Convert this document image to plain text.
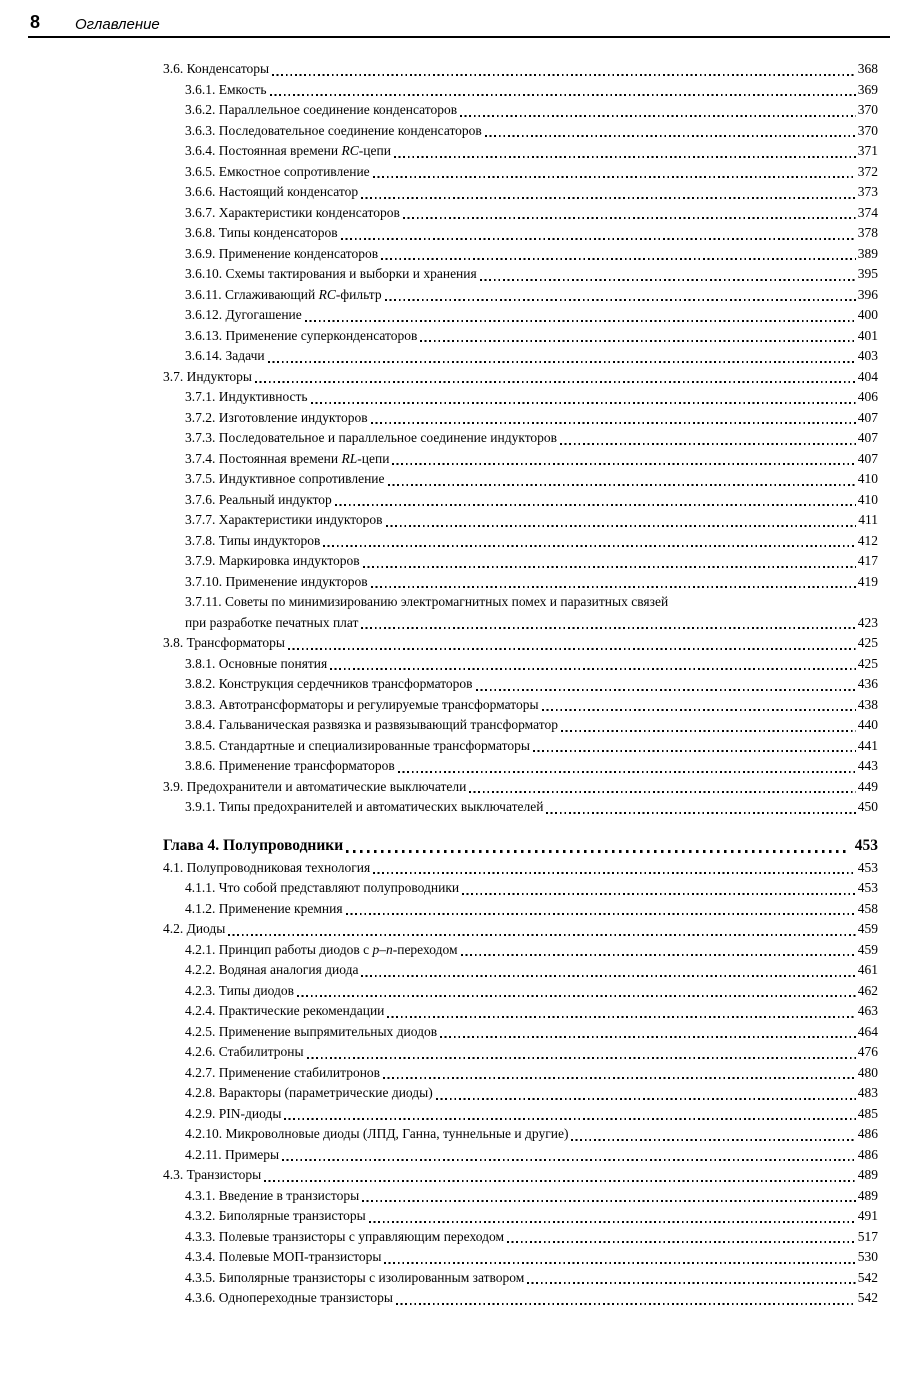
8 Оглавление
3.6. Конденсаторы	368
3.6.1. Емкость	369
3.6.2. Параллельное соединение конденсаторов	370
3.6.3. Последовательное соединение конденсаторов	370
3.6.4. Постоянная времени RC-цепи	371
3.6.5. Емкостное сопротивление	372
3.6.6. Настоящий конденсатор	373
3.6.7. Характеристики конденсаторов	374
3.6.8. Типы конденсаторов	378
3.6.9. Применение конденсаторов	389
3.6.10. Схемы тактирования и выборки и хранения	395
3.6.11. Сглаживающий RC-фильтр	396
3.6.12. Дугогашение	400
3.6.13. Применение суперконденсаторов	401
3.6.14. Задачи	403
3.7. Индукторы	404
3.7.1. Индуктивность	406
3.7.2. Изготовление индукторов	407
3.7.3. Последовательное и параллельное соединение индукторов	407
3.7.4. Постоянная времени RL-цепи	407
3.7.5. Индуктивное сопротивление	410
3.7.6. Реальный индуктор	410
3.7.7. Характеристики индукторов	411
3.7.8. Типы индукторов	412
3.7.9. Маркировка индукторов	417
3.7.10. Применение индукторов	419
3.7.11. Советы по минимизированию электромагнитных помех и паразитных связей
при разработке печатных плат	423
3.8. Трансформаторы	425
3.8.1. Основные понятия	425
3.8.2. Конструкция сердечников трансформаторов	436
3.8.3. Автотрансформаторы и регулируемые трансформаторы	438
3.8.4. Гальваническая развязка и развязывающий трансформатор	440
3.8.5. Стандартные и специализированные трансформаторы	441
3.8.6. Применение трансформаторов	443
3.9. Предохранители и автоматические выключатели	449
3.9.1. Типы предохранителей и автоматических выключателей	450
Глава 4. Полупроводники	453
4.1. Полупроводниковая технология	453
4.1.1. Что собой представляют полупроводники	453
4.1.2. Применение кремния	458
4.2. Диоды	459
4.2.1. Принцип работы диодов с p–n-переходом	459
4.2.2. Водяная аналогия диода	461
4.2.3. Типы диодов	462
4.2.4. Практические рекомендации	463
4.2.5. Применение выпрямительных диодов	464
4.2.6. Стабилитроны	476
4.2.7. Применение стабилитронов	480
4.2.8. Варакторы (параметрические диоды)	483
4.2.9. PIN-диоды	485
4.2.10. Микроволновые диоды (ЛПД, Ганна, туннельные и другие)	486
4.2.11. Примеры	486
4.3. Транзисторы	489
4.3.1. Введение в транзисторы	489
4.3.2. Биполярные транзисторы	491
4.3.3. Полевые транзисторы с управляющим переходом	517
4.3.4. Полевые МОП-транзисторы	530
4.3.5. Биполярные транзисторы с изолированным затвором	542
4.3.6. Однопереходные транзисторы	542
